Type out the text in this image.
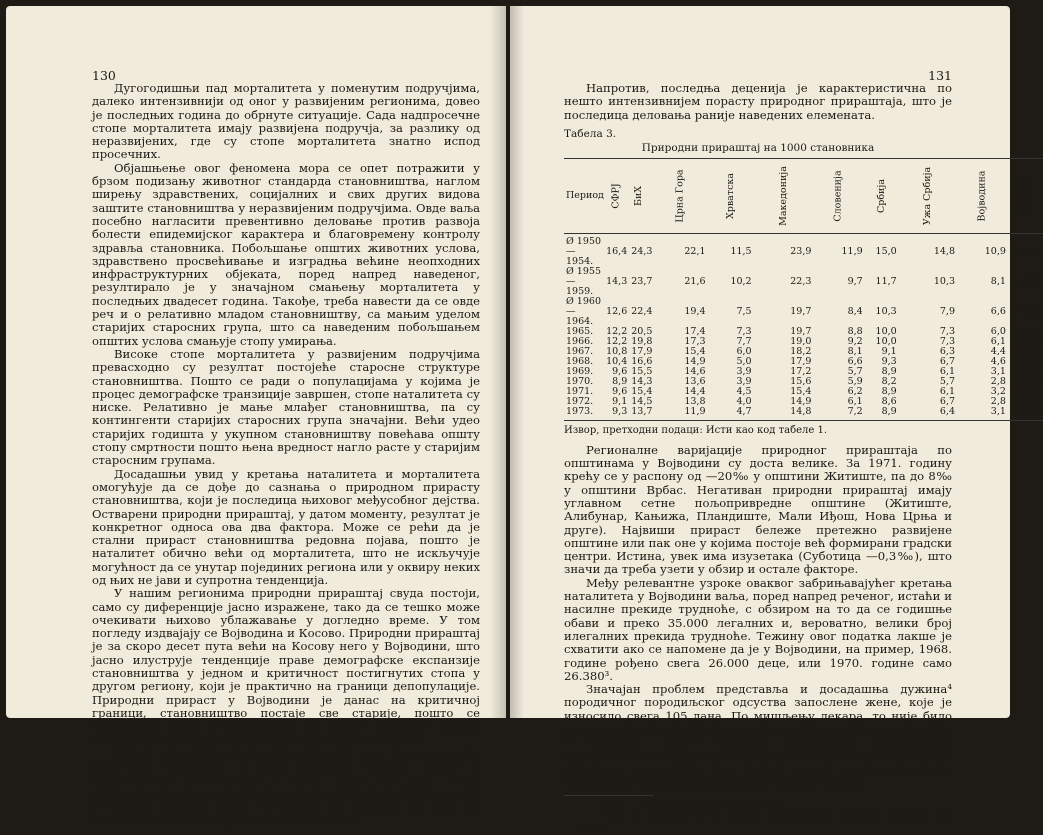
130

Дугогодишњи пад морталитета у поменутим подручјима, далеко интензивнији од оног у развијеним регионима, довео је последњих година до обрнуте ситуације. Сада надпросечне стопе морталитета имају развијена подручја, за разлику од неразвијених, где су стопе морталитета знатно испод просечних.

Објашњење овог феномена мора се опет потражити у брзом подизању животног стандарда становништва, наглом ширењу здравствених, социјалних и свих других видова заштите становништва у неразвијеним подручјима. Овде ваља посебно нагласити превентивно деловање против развоја болести епидемијског карактера и благовремену контролу здравља становника. Побољшање општих животних услова, здравствено просвећивање и изградња већине неопходних инфраструктурних објеката, поред напред наведеног, резултирало је у значајном смањењу морталитета у последњих двадесет година. Такође, треба навести да се овде реч и о релативно младом становништву, са мањим уделом старијих старосних група, што са наведеним побољшањем општих услова смањује стопу умирања.

Високе стопе морталитета у развијеним подручјима превасходно су резултат постојеће старосне структуре становништва. Пошто се ради о популацијама у којима је процес демографске транзиције завршен, стопе наталитета су ниске. Релативно је мање млађег становништва, па су контингенти старијих старосних група значајни. Већи удео старијих годишта у укупном становништву повећава општу стопу смртности пошто њена вредност нагло расте у старијим старосним групама.

Досадашњи увид у кретања наталитета и морталитета омогућује да се дође до сазнања о природном прирасту становништва, који је последица њиховог међусобног дејства. Остварени природни прираштај, у датом моменту, резултат је конкретног односа ова два фактора. Може се рећи да је стални прираст становништва редовна појава, пошто је наталитет обично већи од морталитета, што не искључује могућност да се унутар појединих региона или у оквиру неких од њих не јави и супротна тенденција.

У нашим регионима природни прираштај свуда постоји, само су диференције јасно изражене, тако да се тешко може очекивати њихово ублажавање у догледно време. У том погледу издвајају се Војводина и Косово. Природни прираштај је за скоро десет пута већи на Косову него у Војводини, што јасно илуструје тенденције праве демографске експанзије становништва у једном и критичност постигнутих стопа у другом региону, који је практично на граници депопулације. Природни прираст у Војводини је данас на критичној граници, становништво постаје све старије, пошто се повећавају удели становништва са преко шездесет година старости, а смањују се контингенти деце и омладине.

Низак природни прираштај обележје је и становништва Хрватске, Словеније и уже подручја Србије. Босна и Херцеговина, Македонија и Црна Гора још увек имају релативно значајан природни прираштај становништва, али је и процес опадања доста наглашен. За разлику од њих, на Косову се не примећује слична тенденција.

131

Напротив, последња деценија је карактеристична по нешто интензивнијем порасту природног прираштаја, што је последица деловања раније наведених елемената.

Табела 3.
Природни прираштај на 1000 становника
Период	СФРЈ	БиХ	Црна Гора	Хрватска	Македонија	Словенија	Србија	Ужа Србија	Војводина	Косово
Ø 1950—1954.	16,4	24,3	22,1	11,5	23,9	11,9	15,0	14,8	10,9	25,5
Ø 1955—1959.	14,3	23,7	21,6	10,2	22,3	9,7	11,7	10,3	8,1	26,2
Ø 1960—1964.	12,6	22,4	19,4	7,5	19,7	8,4	10,3	7,9	6,6	28,4
1965.	12,2	20,5	17,4	7,3	19,7	8,8	10,0	7,3	6,0	29,2
1966.	12,2	19,8	17,3	7,7	19,0	9,2	10,0	7,3	6,1	28,8
1967.	10,8	17,9	15,4	6,0	18,2	8,1	9,1	6,3	4,4	28,4
1968.	10,4	16,6	14,9	5,0	17,9	6,6	9,3	6,7	4,6	28,6
1969.	9,6	15,5	14,6	3,9	17,2	5,7	8,9	6,1	3,1	29,3
1970.	8,9	14,3	13,6	3,9	15,6	5,9	8,2	5,7	2,8	27,6
1971.	9,6	15,4	14,4	4,5	15,4	6,2	8,9	6,1	3,2	29,3
1972.	9,1	14,5	13,8	4,0	14,9	6,1	8,6	6,7	2,8	29,1
1973.	9,3	13,7	11,9	4,7	14,8	7,2	8,9	6,4	3,1	27,8
Извор, претходни подаци: Исти као код табеле 1.

Регионалне варијације природног прираштаја по општинама у Војводини су доста велике. За 1971. годину крећу се у распону од —20‰ у општини Житиште, па до 8‰ у општини Врбас. Негативан природни прираштај имају углавном сетне пољопривредне општине (Житиште, Алибунар, Кањижа, Пландиште, Мали Иђош, Нова Црња и друге). Највиши прираст бележе претежно развијене општине или пак оне у којима постоје већ формирани градски центри. Истина, увек има изузетака (Суботица —0,3‰), што значи да треба узети у обзир и остале факторе.

Међу релевантне узроке оваквог забрињавајућег кретања наталитета у Војводини ваља, поред напред реченог, истаћи и насилне прекиде трудноће, с обзиром на то да се годишње обави и преко 35.000 легалних и, вероватно, велики број илегалних прекида трудноће. Тежину овог податка лакше је схватити ако се напомене да је у Војводини, на пример, 1968. године рођено свега 26.000 деце, или 1970. године само 26.380³.

Значајан проблем представља и досадашња дужина⁴ породичног породиљског одсуства запослене жене, које је износило свега 105 дана. По мишљењу лекара, то није било довољно за потпун физички и психички опоравак од трудноће и порођаја. Други проблем представља немогућност адекватног смештаја и чувања детета за време док мајка ради скраћено, а и касније. Ако се има у виду да је материјална накнада за породиљско одсуство изједначена са

³ СГЈ — 1972. година, Београд, 344.

⁴ Од 1. јануара 1975. године породиљско одсуство износи 210 дана.
